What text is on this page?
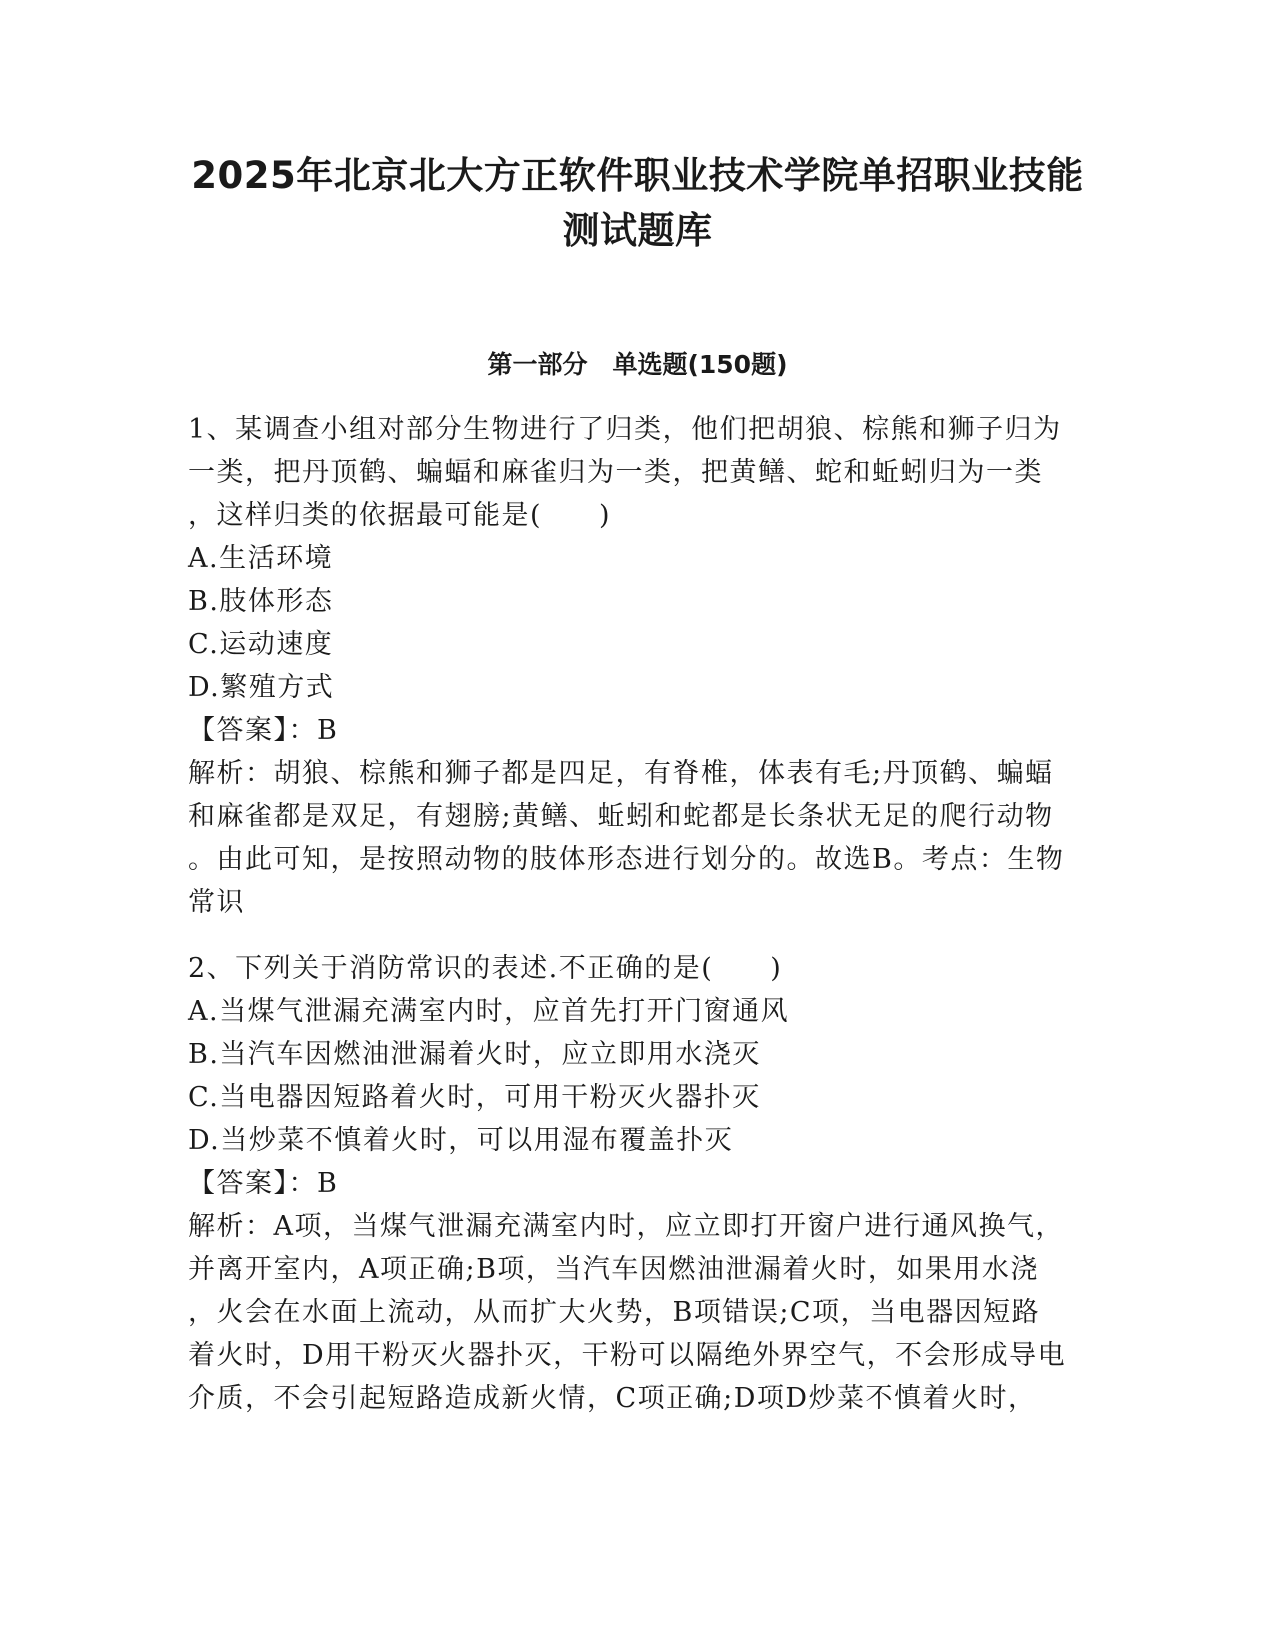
2025年北京北大方正软件职业技术学院单招职业技能
测试题库
第一部分　单选题(150题)
1、某调查小组对部分生物进行了归类，他们把胡狼、棕熊和狮子归为
一类，把丹顶鹤、蝙蝠和麻雀归为一类，把黄鳝、蛇和蚯蚓归为一类
，这样归类的依据最可能是(　　)
A.生活环境
B.肢体形态
C.运动速度
D.繁殖方式
【答案】：B
解析：胡狼、棕熊和狮子都是四足，有脊椎，体表有毛;丹顶鹤、蝙蝠
和麻雀都是双足，有翅膀;黄鳝、蚯蚓和蛇都是长条状无足的爬行动物
。由此可知，是按照动物的肢体形态进行划分的。故选B。考点：生物
常识
2、下列关于消防常识的表述.不正确的是(　　)
A.当煤气泄漏充满室内时，应首先打开门窗通风
B.当汽车因燃油泄漏着火时，应立即用水浇灭
C.当电器因短路着火时，可用干粉灭火器扑灭
D.当炒菜不慎着火时，可以用湿布覆盖扑灭
【答案】：B
解析：A项，当煤气泄漏充满室内时，应立即打开窗户进行通风换气，
并离开室内，A项正确;B项，当汽车因燃油泄漏着火时，如果用水浇
，火会在水面上流动，从而扩大火势，B项错误;C项，当电器因短路
着火时，D用干粉灭火器扑灭，干粉可以隔绝外界空气，不会形成导电
介质，不会引起短路造成新火情，C项正确;D项D炒菜不慎着火时，
